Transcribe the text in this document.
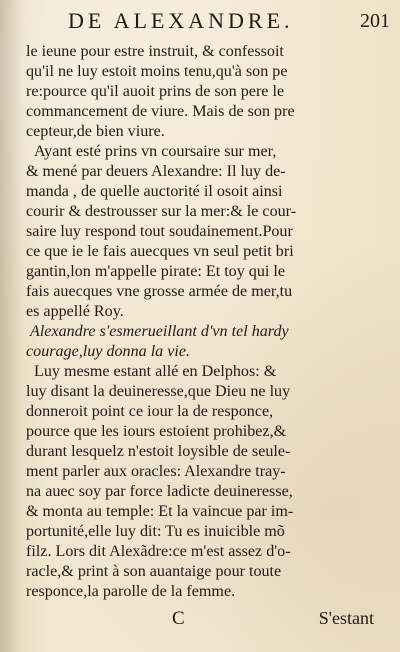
DE ALEXANDRE.	201
le ieune pour estre instruit, & confessoit
qu'il ne luy estoit moins tenu,qu'à son pe
re:pource qu'il auoit prins de son pere le
commancement de viure. Mais de son pre
cepteur,de bien viure.
Ayant esté prins vn coursaire sur mer,
& mené par deuers Alexandre: Il luy de-
manda , de quelle auctorité il osoit ainsi
courir & destrousser sur la mer:& le cour-
saire luy respond tout soudainement.Pour
ce que ie le fais auecques vn seul petit bri
gantin,lon m'appelle pirate: Et toy qui le
fais auecques vne grosse armée de mer,tu
es appellé Roy.
Alexandre s'esmerueillant d'vn tel hardy
courage,luy donna la vie.
Luy mesme estant allé en Delphos: &
luy disant la deuineresse,que Dieu ne luy
donneroit point ce iour la de responce,
pource que les iours estoient prohibez,&
durant lesquelz n'estoit loysible de seule-
ment parler aux oracles: Alexandre tray-
na auec soy par force ladicte deuineresse,
& monta au temple: Et la vaincue par im-
portunité,elle luy dit: Tu es inuicible mõ
filz. Lors dit Alexãdre:ce m'est assez d'o-
racle,& print à son auantaige pour toute
responce,la parolle de la femme.
C	S'estant
